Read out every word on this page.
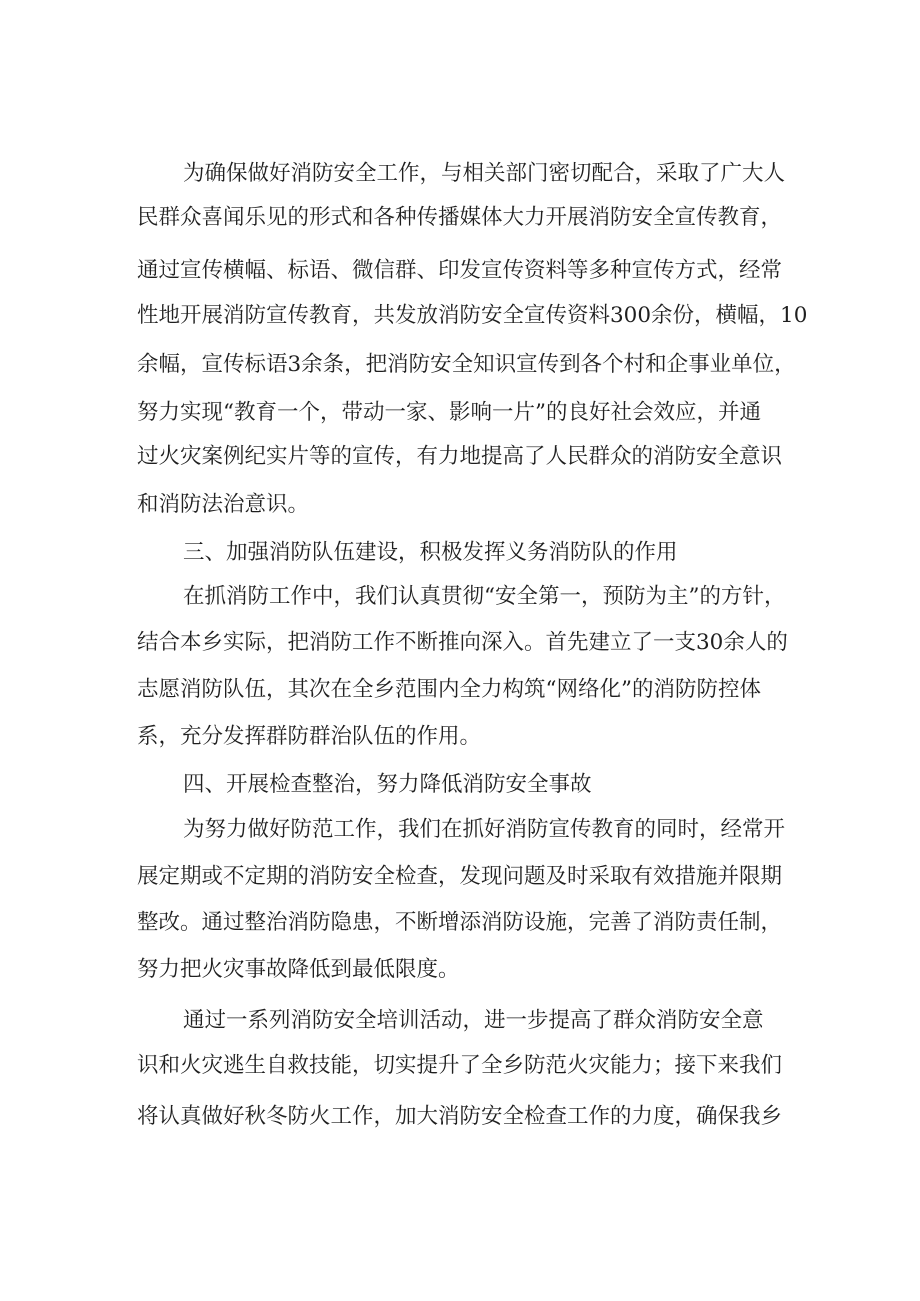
为确保做好消防安全工作，与相关部门密切配合，采取了广大人

民群众喜闻乐见的形式和各种传播媒体大力开展消防安全宣传教育，

通过宣传横幅、标语、微信群、印发宣传资料等多种宣传方式，经常

性地开展消防宣传教育，共发放消防安全宣传资料300余份，横幅，10

余幅，宣传标语3余条，把消防安全知识宣传到各个村和企事业单位，

努力实现“教育一个，带动一家、影响一片”的良好社会效应，并通

过火灾案例纪实片等的宣传，有力地提高了人民群众的消防安全意识

和消防法治意识。

三、加强消防队伍建设，积极发挥义务消防队的作用

在抓消防工作中，我们认真贯彻“安全第一，预防为主”的方针，

结合本乡实际，把消防工作不断推向深入。首先建立了一支30余人的

志愿消防队伍，其次在全乡范围内全力构筑“网络化”的消防防控体

系，充分发挥群防群治队伍的作用。

四、开展检查整治，努力降低消防安全事故

为努力做好防范工作，我们在抓好消防宣传教育的同时，经常开

展定期或不定期的消防安全检查，发现问题及时采取有效措施并限期

整改。通过整治消防隐患，不断增添消防设施，完善了消防责任制，

努力把火灾事故降低到最低限度。

通过一系列消防安全培训活动，进一步提高了群众消防安全意

识和火灾逃生自救技能，切实提升了全乡防范火灾能力；接下来我们

将认真做好秋冬防火工作，加大消防安全检查工作的力度，确保我乡
